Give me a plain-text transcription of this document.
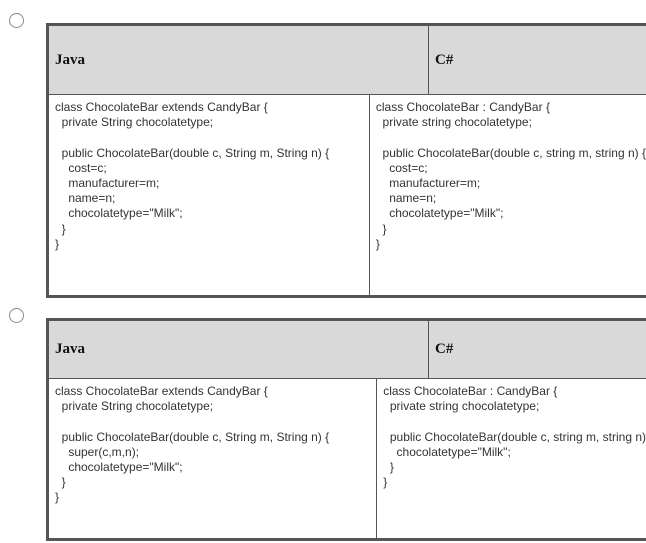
Java	C#
class ChocolateBar extends CandyBar {
private String chocolatetype;

public ChocolateBar(double c, String m, String n) {
cost=c;
manufacturer=m;
name=n;
chocolatetype="Milk";
}
}
class ChocolateBar : CandyBar {
private string chocolatetype;

public ChocolateBar(double c, string m, string n) {
cost=c;
manufacturer=m;
name=n;
chocolatetype="Milk";
}
}
Java	C#
class ChocolateBar extends CandyBar {
private String chocolatetype;

public ChocolateBar(double c, String m, String n) {
super(c,m,n);
chocolatetype="Milk";
}
}
class ChocolateBar : CandyBar {
private string chocolatetype;

public ChocolateBar(double c, string m, string n)
chocolatetype="Milk";
}
}
